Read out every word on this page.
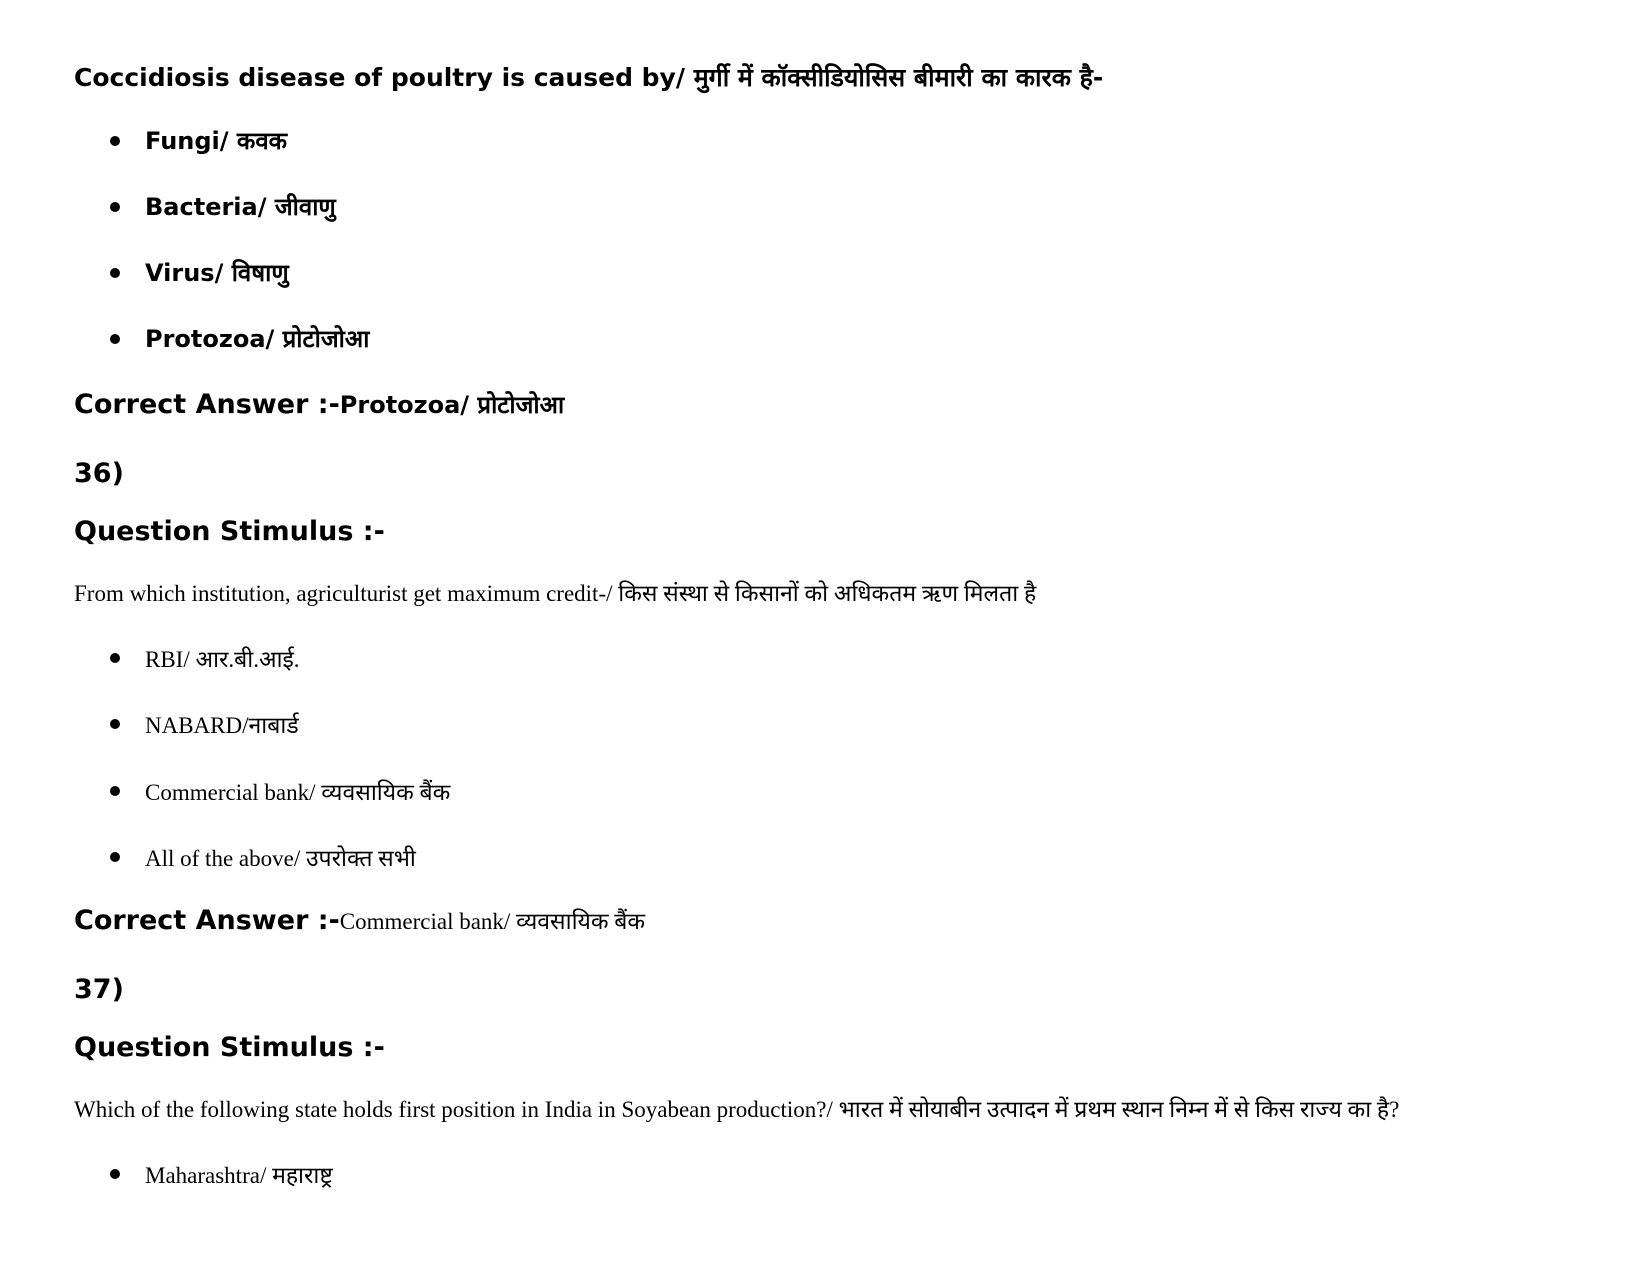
Coccidiosis disease of poultry is caused by/ मुर्गी में कॉक्सीडियोसिस बीमारी का कारक है-
Fungi/ कवक
Bacteria/ जीवाणु
Virus/ विषाणु
Protozoa/ प्रोटोजोआ
Correct Answer :-Protozoa/ प्रोटोजोआ
36)
Question Stimulus :-
From which institution, agriculturist get maximum credit-/ किस संस्था से किसानों को अधिकतम ऋण मिलता है
RBI/ आर.बी.आई.
NABARD/नाबार्ड
Commercial bank/ व्यवसायिक बैंक
All of the above/ उपरोक्त सभी
Correct Answer :-Commercial bank/ व्यवसायिक बैंक
37)
Question Stimulus :-
Which of the following state holds first position in India in Soyabean production?/ भारत में सोयाबीन उत्पादन में प्रथम स्थान निम्न में से किस राज्य का है?
Maharashtra/ महाराष्ट्र
